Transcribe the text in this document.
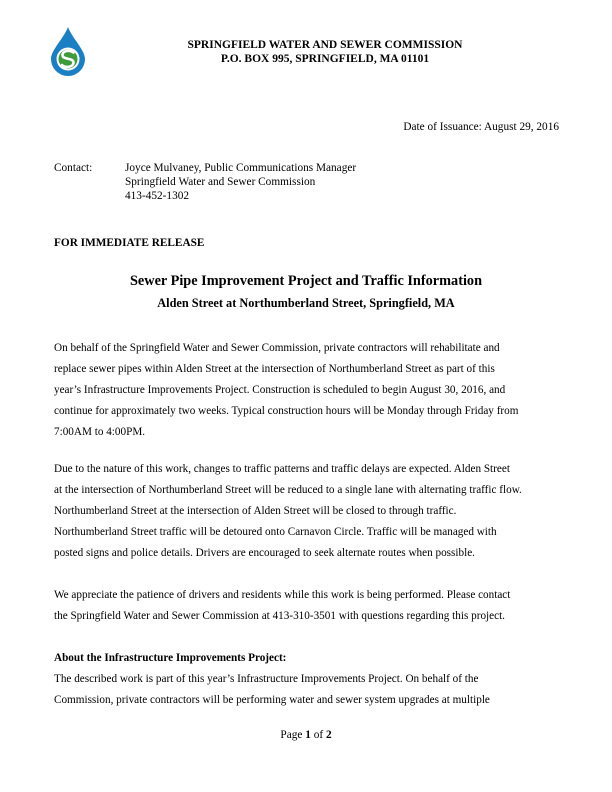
SPRINGFIELD WATER AND SEWER COMMISSION
P.O. BOX 995, SPRINGFIELD, MA 01101
Date of Issuance: August 29, 2016
Contact:	Joyce Mulvaney, Public Communications Manager
Springfield Water and Sewer Commission
413-452-1302
FOR IMMEDIATE RELEASE
Sewer Pipe Improvement Project and Traffic Information
Alden Street at Northumberland Street, Springfield, MA
On behalf of the Springfield Water and Sewer Commission, private contractors will rehabilitate and
replace sewer pipes within Alden Street at the intersection of Northumberland Street as part of this
year’s Infrastructure Improvements Project. Construction is scheduled to begin August 30, 2016, and
continue for approximately two weeks. Typical construction hours will be Monday through Friday from
7:00AM to 4:00PM.
Due to the nature of this work, changes to traffic patterns and traffic delays are expected. Alden Street
at the intersection of Northumberland Street will be reduced to a single lane with alternating traffic flow.
Northumberland Street at the intersection of Alden Street will be closed to through traffic.
Northumberland Street traffic will be detoured onto Carnavon Circle. Traffic will be managed with
posted signs and police details. Drivers are encouraged to seek alternate routes when possible.
We appreciate the patience of drivers and residents while this work is being performed. Please contact
the Springfield Water and Sewer Commission at 413-310-3501 with questions regarding this project.
About the Infrastructure Improvements Project:
The described work is part of this year’s Infrastructure Improvements Project. On behalf of the
Commission, private contractors will be performing water and sewer system upgrades at multiple
Page 1 of 2
